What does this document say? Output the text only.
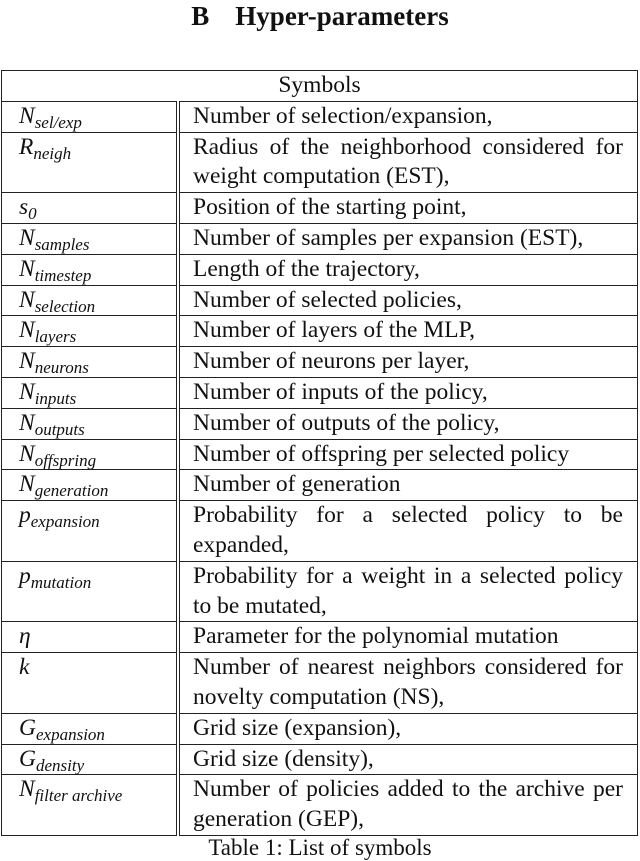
B Hyper-parameters
Symbols	
$N_{sel/exp}$	Number of selection/expansion,
$R_{neigh}$	Radius of the neighborhood considered for weight computation (EST),
$s_0$	Position of the starting point,
$N_{samples}$	Number of samples per expansion (EST),
$N_{timestep}$	Length of the trajectory,
$N_{selection}$	Number of selected policies,
$N_{layers}$	Number of layers of the MLP,
$N_{neurons}$	Number of neurons per layer,
$N_{inputs}$	Number of inputs of the policy,
$N_{outputs}$	Number of outputs of the policy,
$N_{offspring}$	Number of offspring per selected policy
$N_{generation}$	Number of generation
$p_{expansion}$	Probability for a selected policy to be expanded,
$p_{mutation}$	Probability for a weight in a selected policy to be mutated,
η	Parameter for the polynomial mutation
k	Number of nearest neighbors considered for novelty computation (NS),
$G_{expansion}$	Grid size (expansion),
$G_{density}$	Grid size (density),
$N_{filter archive}$	Number of policies added to the archive per generation (GEP),
Table 1: List of symbols
